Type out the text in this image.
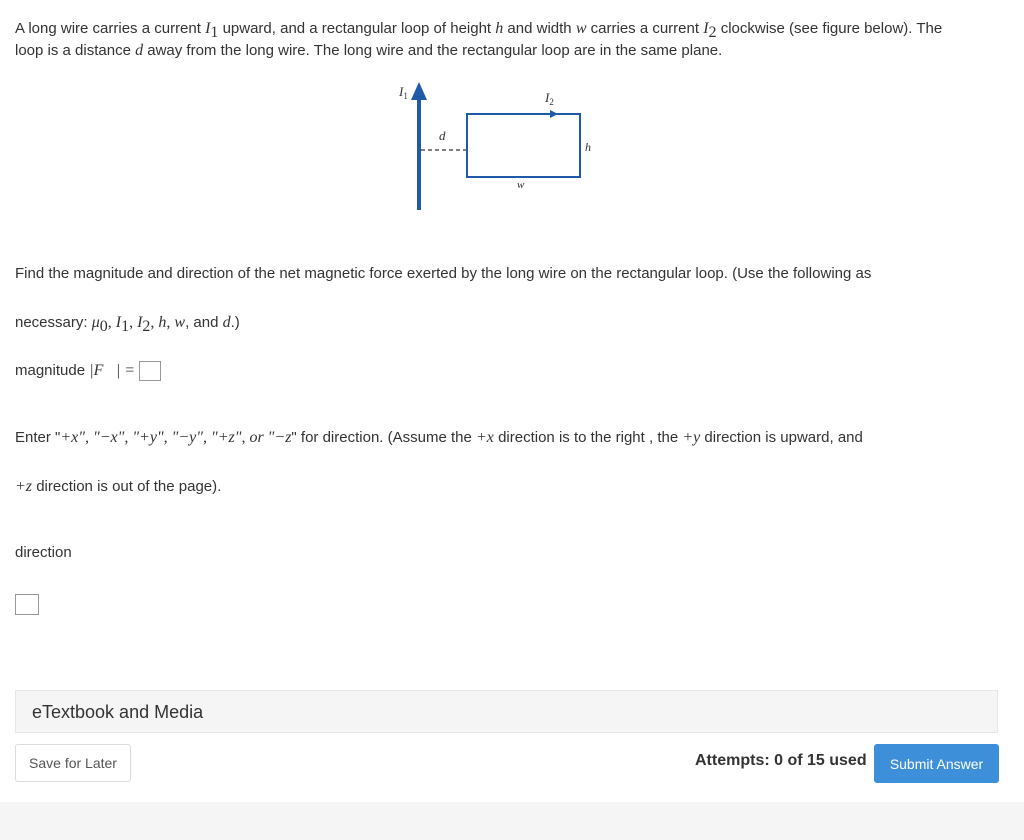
A long wire carries a current $I_1$ upward, and a rectangular loop of height h and width w carries a current $I_2$ clockwise (see figure below). The
loop is a distance d away from the long wire. The long wire and the rectangular loop are in the same plane.
$I_1$	$I_2$
d
h
w
Find the magnitude and direction of the net magnetic force exerted by the long wire on the rectangular loop. (Use the following as
necessary: $\mu_0$, $I_1$, $I_2$, h, w, and d.)
magnitude |F⃗| =
Enter "+x", "−x", "+y", "−y", "+z", or "−z" for direction. (Assume the +x direction is to the right , the +y direction is upward, and
+z direction is out of the page).
direction
eTextbook and Media
Save for Later	Attempts: 0 of 15 used	Submit Answer
